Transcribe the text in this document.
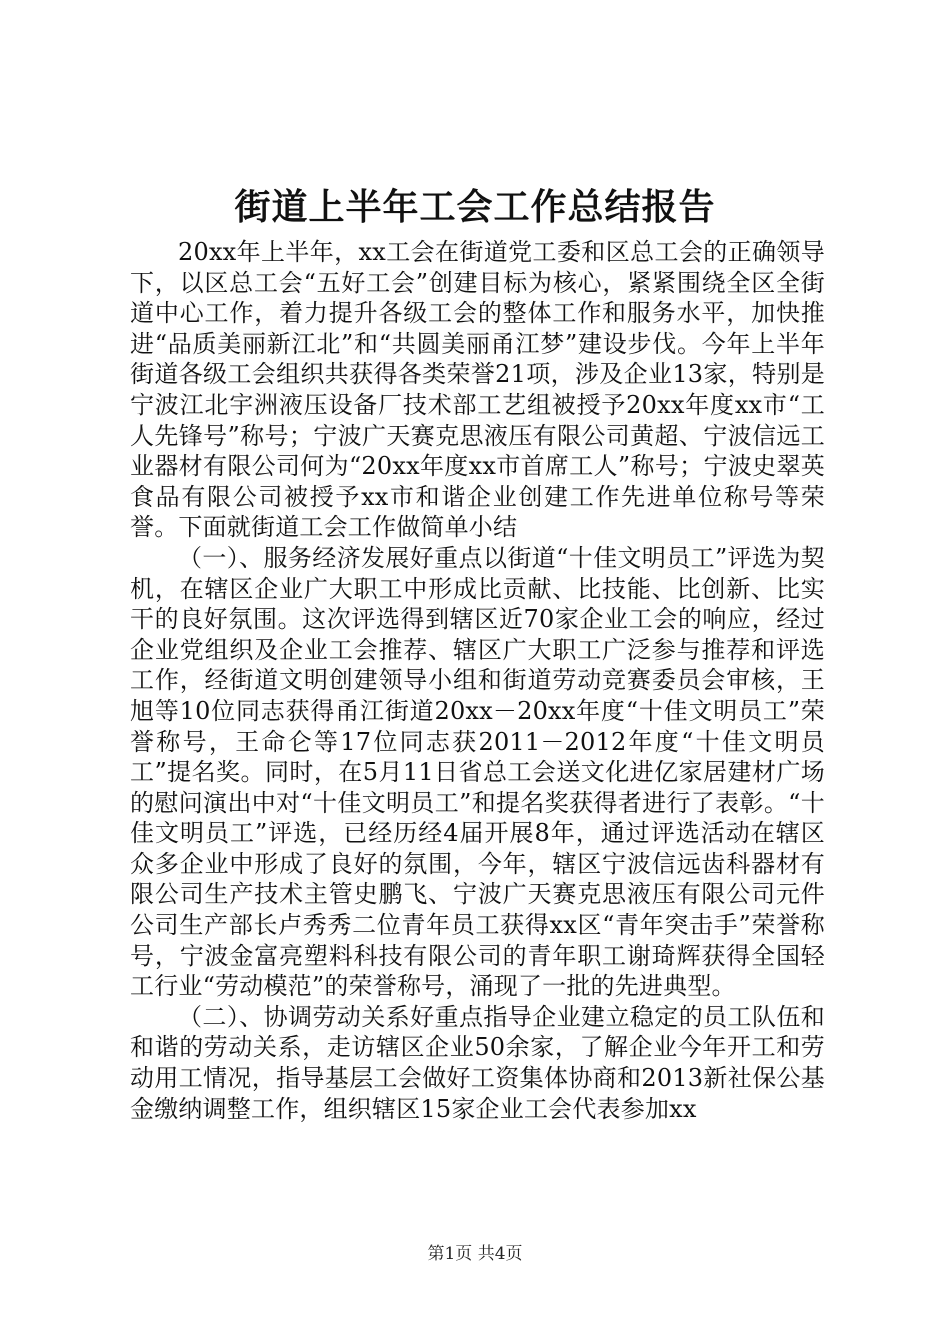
街道上半年工会工作总结报告

20xx年上半年，xx工会在街道党工委和区总工会的正确领导下，以区总工会“五好工会”创建目标为核心，紧紧围绕全区全街道中心工作，着力提升各级工会的整体工作和服务水平，加快推进“品质美丽新江北”和“共圆美丽甬江梦”建设步伐。今年上半年街道各级工会组织共获得各类荣誉21项，涉及企业13家，特别是宁波江北宇洲液压设备厂技术部工艺组被授予20xx年度xx市“工人先锋号”称号；宁波广天赛克思液压有限公司黄超、宁波信远工业器材有限公司何为“20xx年度xx市首席工人”称号；宁波史翠英食品有限公司被授予xx市和谐企业创建工作先进单位称号等荣誉。下面就街道工会工作做简单小结

（一）、服务经济发展好重点以街道“十佳文明员工”评选为契机，在辖区企业广大职工中形成比贡献、比技能、比创新、比实干的良好氛围。这次评选得到辖区近70家企业工会的响应，经过企业党组织及企业工会推荐、辖区广大职工广泛参与推荐和评选工作，经街道文明创建领导小组和街道劳动竞赛委员会审核，王旭等10位同志获得甬江街道20xx－20xx年度“十佳文明员工”荣誉称号，王命仑等17位同志获2011－2012年度“十佳文明员工”提名奖。同时，在5月11日省总工会送文化进亿家居建材广场的慰问演出中对“十佳文明员工”和提名奖获得者进行了表彰。“十佳文明员工”评选，已经历经4届开展8年，通过评选活动在辖区众多企业中形成了良好的氛围，今年，辖区宁波信远齿科器材有限公司生产技术主管史鹏飞、宁波广天赛克思液压有限公司元件公司生产部长卢秀秀二位青年员工获得xx区“青年突击手”荣誉称号，宁波金富亮塑料科技有限公司的青年职工谢琦辉获得全国轻工行业“劳动模范”的荣誉称号，涌现了一批的先进典型。

（二）、协调劳动关系好重点指导企业建立稳定的员工队伍和和谐的劳动关系，走访辖区企业50余家，了解企业今年开工和劳动用工情况，指导基层工会做好工资集体协商和2013新社保公基金缴纳调整工作，组织辖区15家企业工会代表参加xx

第1页 共4页
